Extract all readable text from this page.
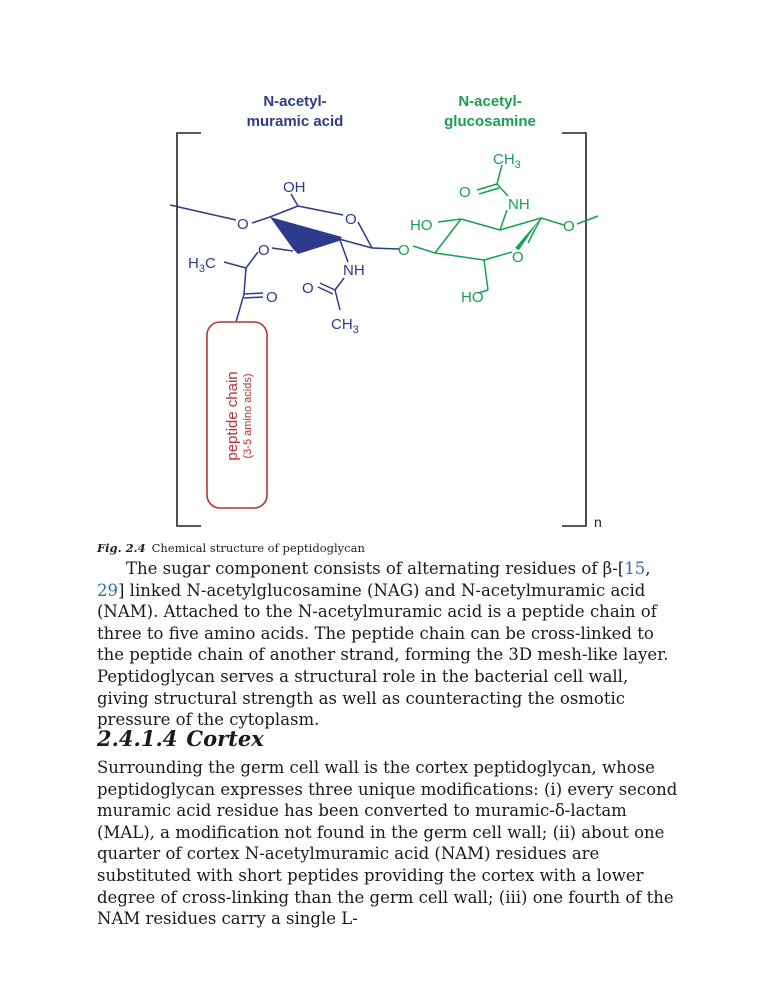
N-acetyl-
muramic acid
N-acetyl-
glucosamine
n
OH
O	O
O
NH
O
O
$CH_3$
$H_3C$
O
HO
O
HO
NH
O
$CH_3$
O
peptide chain (3-5 amino acids)
Fig. 2.4 Chemical structure of peptidoglycan

The sugar component consists of alternating residues of β-[15, 29] linked N-acetylglucosamine (NAG) and N-acetylmuramic acid (NAM). Attached to the N-acetylmuramic acid is a peptide chain of three to five amino acids. The peptide chain can be cross-linked to the peptide chain of another strand, forming the 3D mesh-like layer. Peptidoglycan serves a structural role in the bacterial cell wall, giving structural strength as well as counteracting the osmotic pressure of the cytoplasm.

2.4.1.4 Cortex

Surrounding the germ cell wall is the cortex peptidoglycan, whose peptidoglycan expresses three unique modifications: (i) every second muramic acid residue has been converted to muramic-δ-lactam (MAL), a modification not found in the germ cell wall; (ii) about one quarter of cortex N-acetylmuramic acid (NAM) residues are substituted with short peptides providing the cortex with a lower degree of cross-linking than the germ cell wall; (iii) one fourth of the NAM residues carry a single L-
